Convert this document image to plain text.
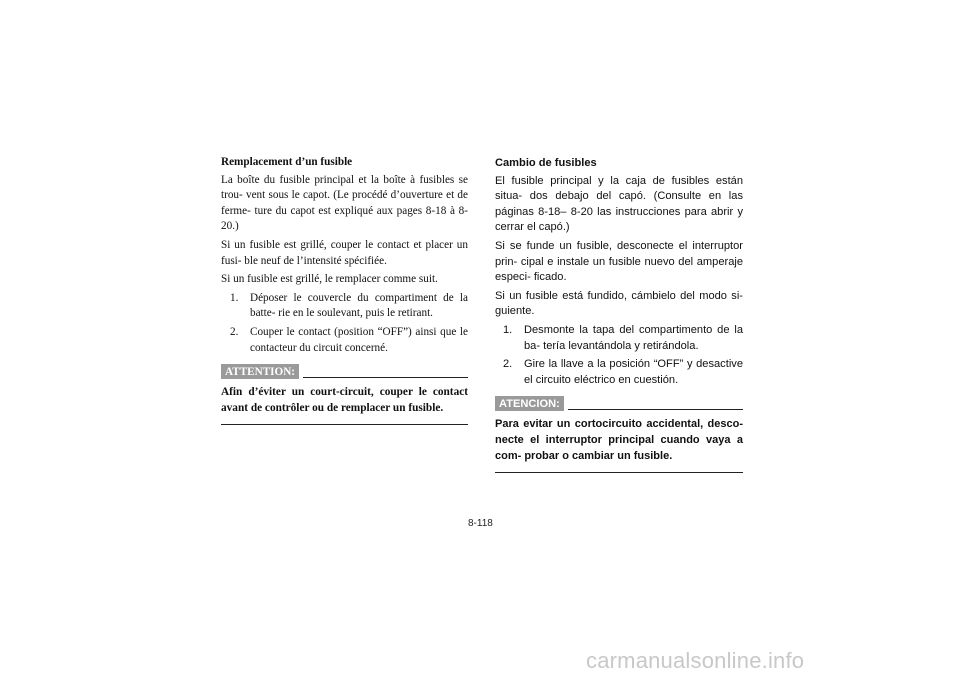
Remplacement d’un fusible

La boîte du fusible principal et la boîte à fusibles se trou- vent sous le capot. (Le procédé d’ouverture et de ferme- ture du capot est expliqué aux pages 8-18 à 8-20.)

Si un fusible est grillé, couper le contact et placer un fusi- ble neuf de l’intensité spécifiée.

Si un fusible est grillé, le remplacer comme suit.

1. Déposer le couvercle du compartiment de la batte- rie en le soulevant, puis le retirant.
2. Couper le contact (position “OFF”) ainsi que le contacteur du circuit concerné.
ATTENTION:
Afin d’éviter un court-circuit, couper le contact avant de contrôler ou de remplacer un fusible.
Cambio de fusibles

El fusible principal y la caja de fusibles están situa- dos debajo del capó. (Consulte en las páginas 8-18– 8-20 las instrucciones para abrir y cerrar el capó.)

Si se funde un fusible, desconecte el interruptor prin- cipal e instale un fusible nuevo del amperaje especi- ficado.

Si un fusible está fundido, cámbielo del modo si- guiente.

1. Desmonte la tapa del compartimento de la ba- tería levantándola y retirándola.
2. Gire la llave a la posición “OFF” y desactive el circuito eléctrico en cuestión.
ATENCION:
Para evitar un cortocircuito accidental, desco- necte el interruptor principal cuando vaya a com- probar o cambiar un fusible.
8-118
carmanualsonline.info
